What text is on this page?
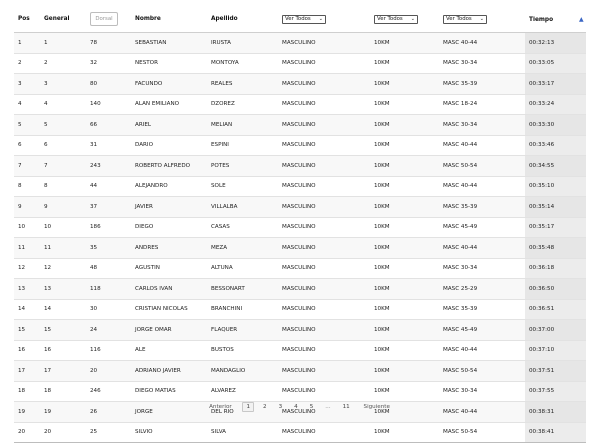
Pos	General	Dorsal	Nombre	Apellido	Ver Todos ⌄	Ver Todos ⌄	Ver Todos ⌄	Tiempo ▲
1	1	78	SEBASTIAN	IRUSTA	MASCULINO	10KM	MASC 40-44	00:32:13
2	2	32	NESTOR	MONTOYA	MASCULINO	10KM	MASC 30-34	00:33:05
3	3	80	FACUNDO	REALES	MASCULINO	10KM	MASC 35-39	00:33:17
4	4	140	ALAN EMILIANO	DZOREZ	MASCULINO	10KM	MASC 18-24	00:33:24
5	5	66	ARIEL	MELIAN	MASCULINO	10KM	MASC 30-34	00:33:30
6	6	31	DARIO	ESPINI	MASCULINO	10KM	MASC 40-44	00:33:46
7	7	243	ROBERTO ALFREDO	POTES	MASCULINO	10KM	MASC 50-54	00:34:55
8	8	44	ALEJANDRO	SOLE	MASCULINO	10KM	MASC 40-44	00:35:10
9	9	37	JAVIER	VILLALBA	MASCULINO	10KM	MASC 35-39	00:35:14
10	10	186	DIEGO	CASAS	MASCULINO	10KM	MASC 45-49	00:35:17
11	11	35	ANDRES	MEZA	MASCULINO	10KM	MASC 40-44	00:35:48
12	12	48	AGUSTIN	ALTUNA	MASCULINO	10KM	MASC 30-34	00:36:18
13	13	118	CARLOS IVAN	BESSONART	MASCULINO	10KM	MASC 25-29	00:36:50
14	14	30	CRISTIAN NICOLAS	BRANCHINI	MASCULINO	10KM	MASC 35-39	00:36:51
15	15	24	JORGE OMAR	FLAQUER	MASCULINO	10KM	MASC 45-49	00:37:00
16	16	116	ALE	BUSTOS	MASCULINO	10KM	MASC 40-44	00:37:10
17	17	20	ADRIANO JAVIER	MANDAGLIO	MASCULINO	10KM	MASC 50-54	00:37:51
18	18	246	DIEGO MATIAS	ALVAREZ	MASCULINO	10KM	MASC 30-34	00:37:55
19	19	26	JORGE	DEL RIO	MASCULINO	10KM	MASC 40-44	00:38:31
20	20	25	SILVIO	SILVA	MASCULINO	10KM	MASC 50-54	00:38:41
Anterior	1 2 3 4 5 ... 11 Siguiente
